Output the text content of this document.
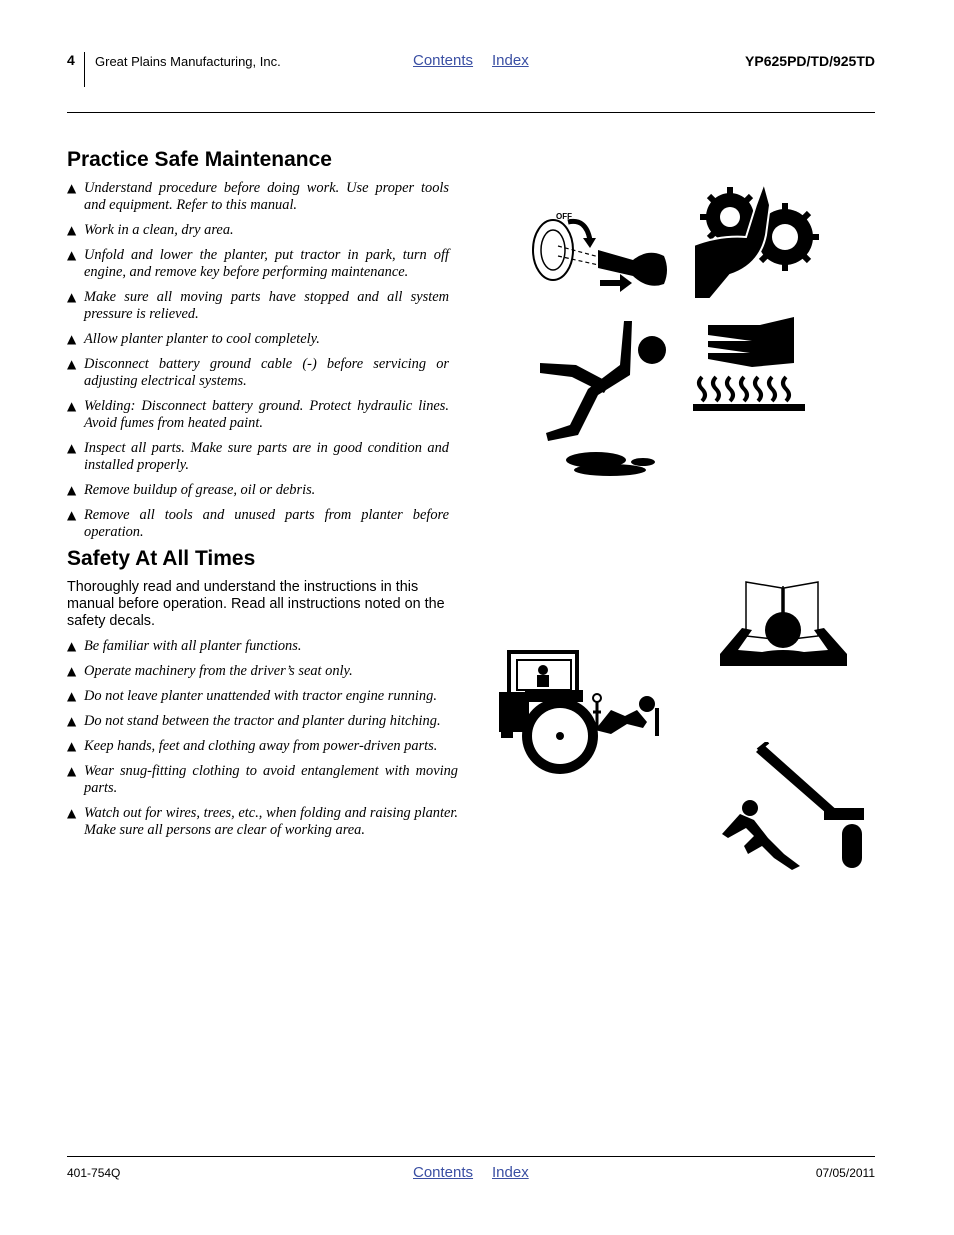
4 Great Plains Manufacturing, Inc.	Contents Index	YP625PD/TD/925TD
Practice Safe Maintenance
▲ Understand procedure before doing work. Use proper tools and equipment. Refer to this manual.
▲ Work in a clean, dry area.
▲ Unfold and lower the planter, put tractor in park, turn off engine, and remove key before performing maintenance.
▲ Make sure all moving parts have stopped and all system pressure is relieved.
▲ Allow planter planter to cool completely.
▲ Disconnect battery ground cable (-) before servicing or adjusting electrical systems.
▲ Welding: Disconnect battery ground. Protect hydraulic lines. Avoid fumes from heated paint.
▲ Inspect all parts. Make sure parts are in good condition and installed properly.
▲ Remove buildup of grease, oil or debris.
▲ Remove all tools and unused parts from planter before operation.
OFF
Safety At All Times
Thoroughly read and understand the instructions in this manual before operation. Read all instructions noted on the safety decals.
▲ Be familiar with all planter functions.
▲ Operate machinery from the driver’s seat only.
▲ Do not leave planter unattended with tractor engine running.
▲ Do not stand between the tractor and planter during hitching.
▲ Keep hands, feet and clothing away from power-driven parts.
▲ Wear snug-fitting clothing to avoid entanglement with moving parts.
▲ Watch out for wires, trees, etc., when folding and raising planter. Make sure all persons are clear of working area.
401-754Q	Contents Index	07/05/2011
